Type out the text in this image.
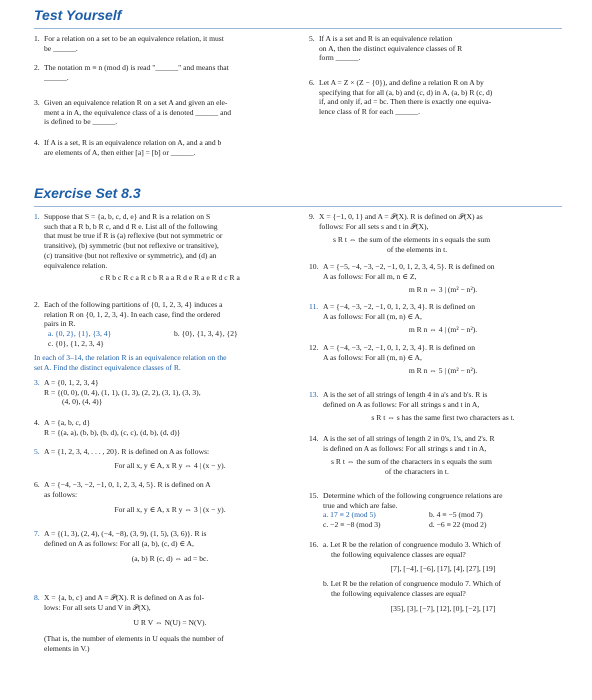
Test Yourself
Exercise Set 8.3
1. For a relation on a set to be an equivalence relation, it must
be ______.
2. The notation m ≡ n (mod d) is read "______" and means that
______.
3. Given an equivalence relation R on a set A and given an ele-
ment a in A, the equivalence class of a is denoted ______ and
is defined to be ______.
4. If A is a set, R is an equivalence relation on A, and a and b
are elements of A, then either [a] = [b] or ______.
5. If A is a set and R is an equivalence relation
on A, then the distinct equivalence classes of R
form ______.
6. Let A = Z × (Z − {0}), and define a relation R on A by
specifying that for all (a, b) and (c, d) in A, (a, b) R (c, d)
if, and only if, ad = bc. Then there is exactly one equiva-
lence class of R for each ______.
1. Suppose that S = {a, b, c, d, e} and R is a relation on S
such that a R b, b R c, and d R e. List all of the following
that must be true if R is (a) reflexive (but not symmetric or
transitive), (b) symmetric (but not reflexive or transitive),
(c) transitive (but not reflexive or symmetric), and (d) an
equivalence relation.
c R b c R c a R c b R a a R d e R a e R d c R a
2. Each of the following partitions of {0, 1, 2, 3, 4} induces a
relation R on {0, 1, 2, 3, 4}. In each case, find the ordered
pairs in R.
a. {0, 2}, {1}, {3, 4}	b. {0}, {1, 3, 4}, {2}
c. {0}, {1, 2, 3, 4}
In each of 3–14, the relation R is an equivalence relation on the
set A. Find the distinct equivalence classes of R.
3. A = {0, 1, 2, 3, 4}
R = {(0, 0), (0, 4), (1, 1), (1, 3), (2, 2), (3, 1), (3, 3),
(4, 0), (4, 4)}
4. A = {a, b, c, d}
R = {(a, a), (b, b), (b, d), (c, c), (d, b), (d, d)}
5. A = {1, 2, 3, 4, . . . , 20}. R is defined on A as follows:
For all x, y ∈ A, x R y ⇔ 4 | (x − y).
6. A = {−4, −3, −2, −1, 0, 1, 2, 3, 4, 5}. R is defined on A
as follows:
For all x, y ∈ A, x R y ⇔ 3 | (x − y).
7. A = {(1, 3), (2, 4), (−4, −8), (3, 9), (1, 5), (3, 6)}. R is
defined on A as follows: For all (a, b), (c, d) ∈ A,
(a, b) R (c, d) ⇔ ad = bc.
8. X = {a, b, c} and A = 𝒫(X). R is defined on A as fol-
lows: For all sets U and V in 𝒫(X),
U R V ⇔ N(U) = N(V).
(That is, the number of elements in U equals the number of
elements in V.)
9. X = {−1, 0, 1} and A = 𝒫(X). R is defined on 𝒫(X) as
follows: For all sets s and t in 𝒫(X),
s R t ⇔ the sum of the elements in s equals the sum
of the elements in t.
10. A = {−5, −4, −3, −2, −1, 0, 1, 2, 3, 4, 5}. R is defined on
A as follows: For all m, n ∈ Z,
m R n ⇔ 3 | (m² − n²).
11. A = {−4, −3, −2, −1, 0, 1, 2, 3, 4}. R is defined on
A as follows: For all (m, n) ∈ A,
m R n ⇔ 4 | (m² − n²).
12. A = {−4, −3, −2, −1, 0, 1, 2, 3, 4}. R is defined on
A as follows: For all (m, n) ∈ A,
m R n ⇔ 5 | (m² − n²).
13. A is the set of all strings of length 4 in a's and b's. R is
defined on A as follows: For all strings s and t in A,
s R t ⇔ s has the same first two characters as t.
14. A is the set of all strings of length 2 in 0's, 1's, and 2's. R
is defined on A as follows: For all strings s and t in A,
s R t ⇔ the sum of the characters in s equals the sum
of the characters in t.
15. Determine which of the following congruence relations are
true and which are false.
a. 17 ≡ 2 (mod 5)	b. 4 ≡ −5 (mod 7)
c. −2 ≡ −8 (mod 3)	d. −6 ≡ 22 (mod 2)
16. a. Let R be the relation of congruence modulo 3. Which of
the following equivalence classes are equal?
[7], [−4], [−6], [17], [4], [27], [19]
b. Let R be the relation of congruence modulo 7. Which of
the following equivalence classes are equal?
[35], [3], [−7], [12], [0], [−2], [17]
